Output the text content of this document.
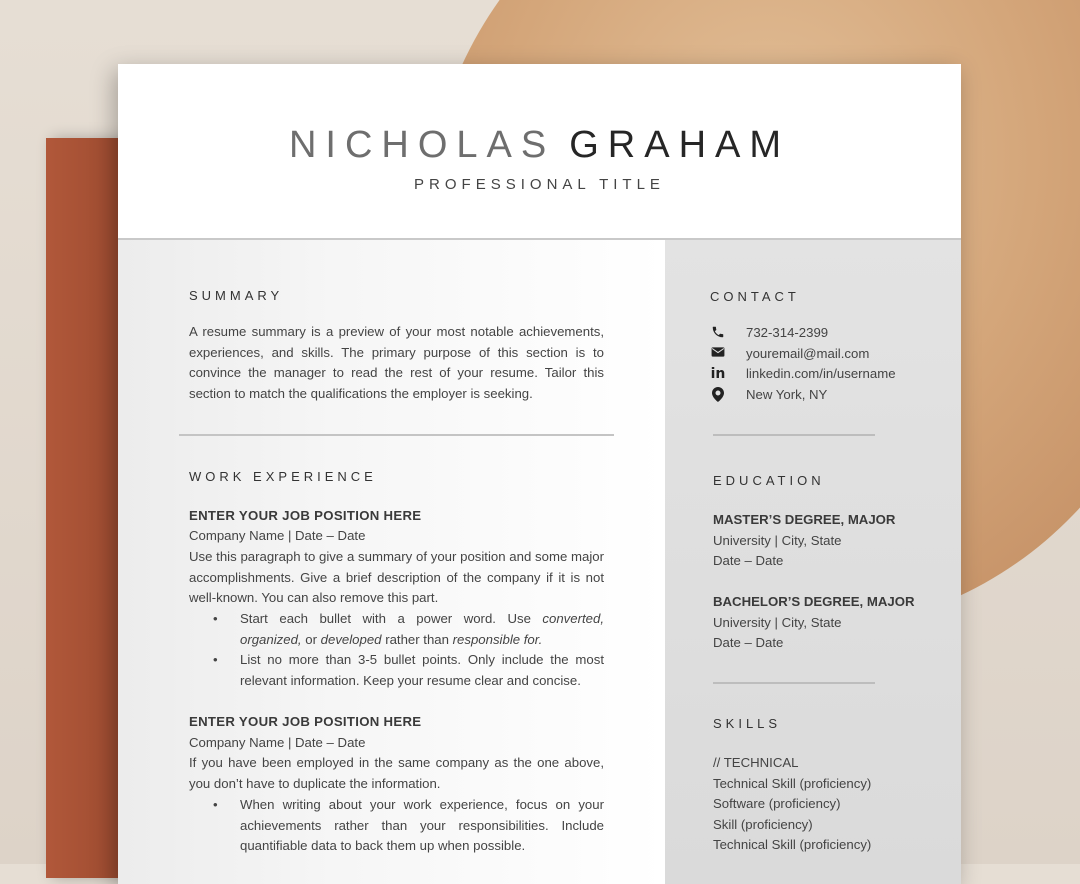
NICHOLAS GRAHAM
PROFESSIONAL TITLE
SUMMARY
A resume summary is a preview of your most notable achievements, experiences, and skills. The primary purpose of this section is to convince the manager to read the rest of your resume. Tailor this section to match the qualifications the employer is seeking.
WORK EXPERIENCE
ENTER YOUR JOB POSITION HERE
Company Name | Date – Date
Use this paragraph to give a summary of your position and some major accomplishments. Give a brief description of the company if it is not well-known. You can also remove this part.
• Start each bullet with a power word. Use converted, organized, or developed rather than responsible for.
• List no more than 3-5 bullet points. Only include the most relevant information. Keep your resume clear and concise.
ENTER YOUR JOB POSITION HERE
Company Name | Date – Date
If you have been employed in the same company as the one above, you don’t have to duplicate the information.
• When writing about your work experience, focus on your achievements rather than your responsibilities. Include quantifiable data to back them up when possible.
CONTACT
732-314-2399
youremail@mail.com
in linkedin.com/in/username
New York, NY
EDUCATION
MASTER’S DEGREE, MAJOR
University | City, State
Date – Date
BACHELOR’S DEGREE, MAJOR
University | City, State
Date – Date
SKILLS
// TECHNICAL
Technical Skill (proficiency)
Software (proficiency)
Skill (proficiency)
Technical Skill (proficiency)
